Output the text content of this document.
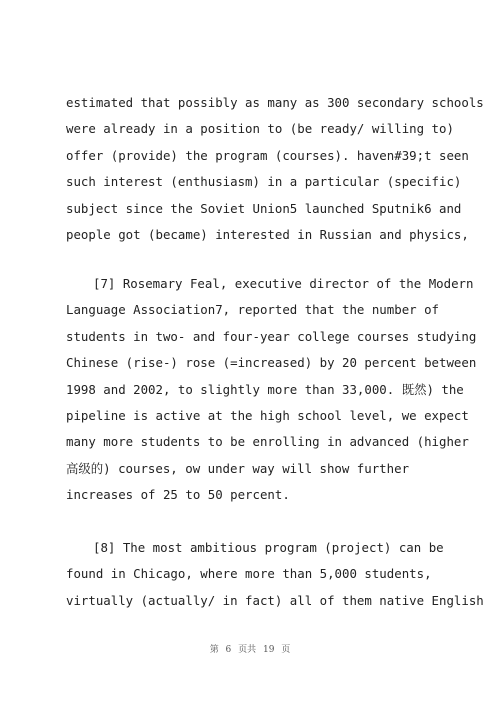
estimated that possibly as many as 300 secondary schools
were already in a position to (be ready/ willing to)
offer (provide) the program (courses). haven#39;t seen
such interest (enthusiasm) in a particular (specific)
subject since the Soviet Union5 launched Sputnik6 and
people got (became) interested in Russian and physics,
[7] Rosemary Feal, executive director of the Modern
Language Association7, reported that the number of
students in two- and four-year college courses studying
Chinese (rise-) rose (=increased) by 20 percent between
1998 and 2002, to slightly more than 33,000. 既然) the
pipeline is active at the high school level, we expect
many more students to be enrolling in advanced (higher
高级的) courses, ow under way will show further
increases of 25 to 50 percent.
[8] The most ambitious program (project) can be
found in Chicago, where more than 5,000 students,
virtually (actually/ in fact) all of them native English
第 6 页共 19 页
